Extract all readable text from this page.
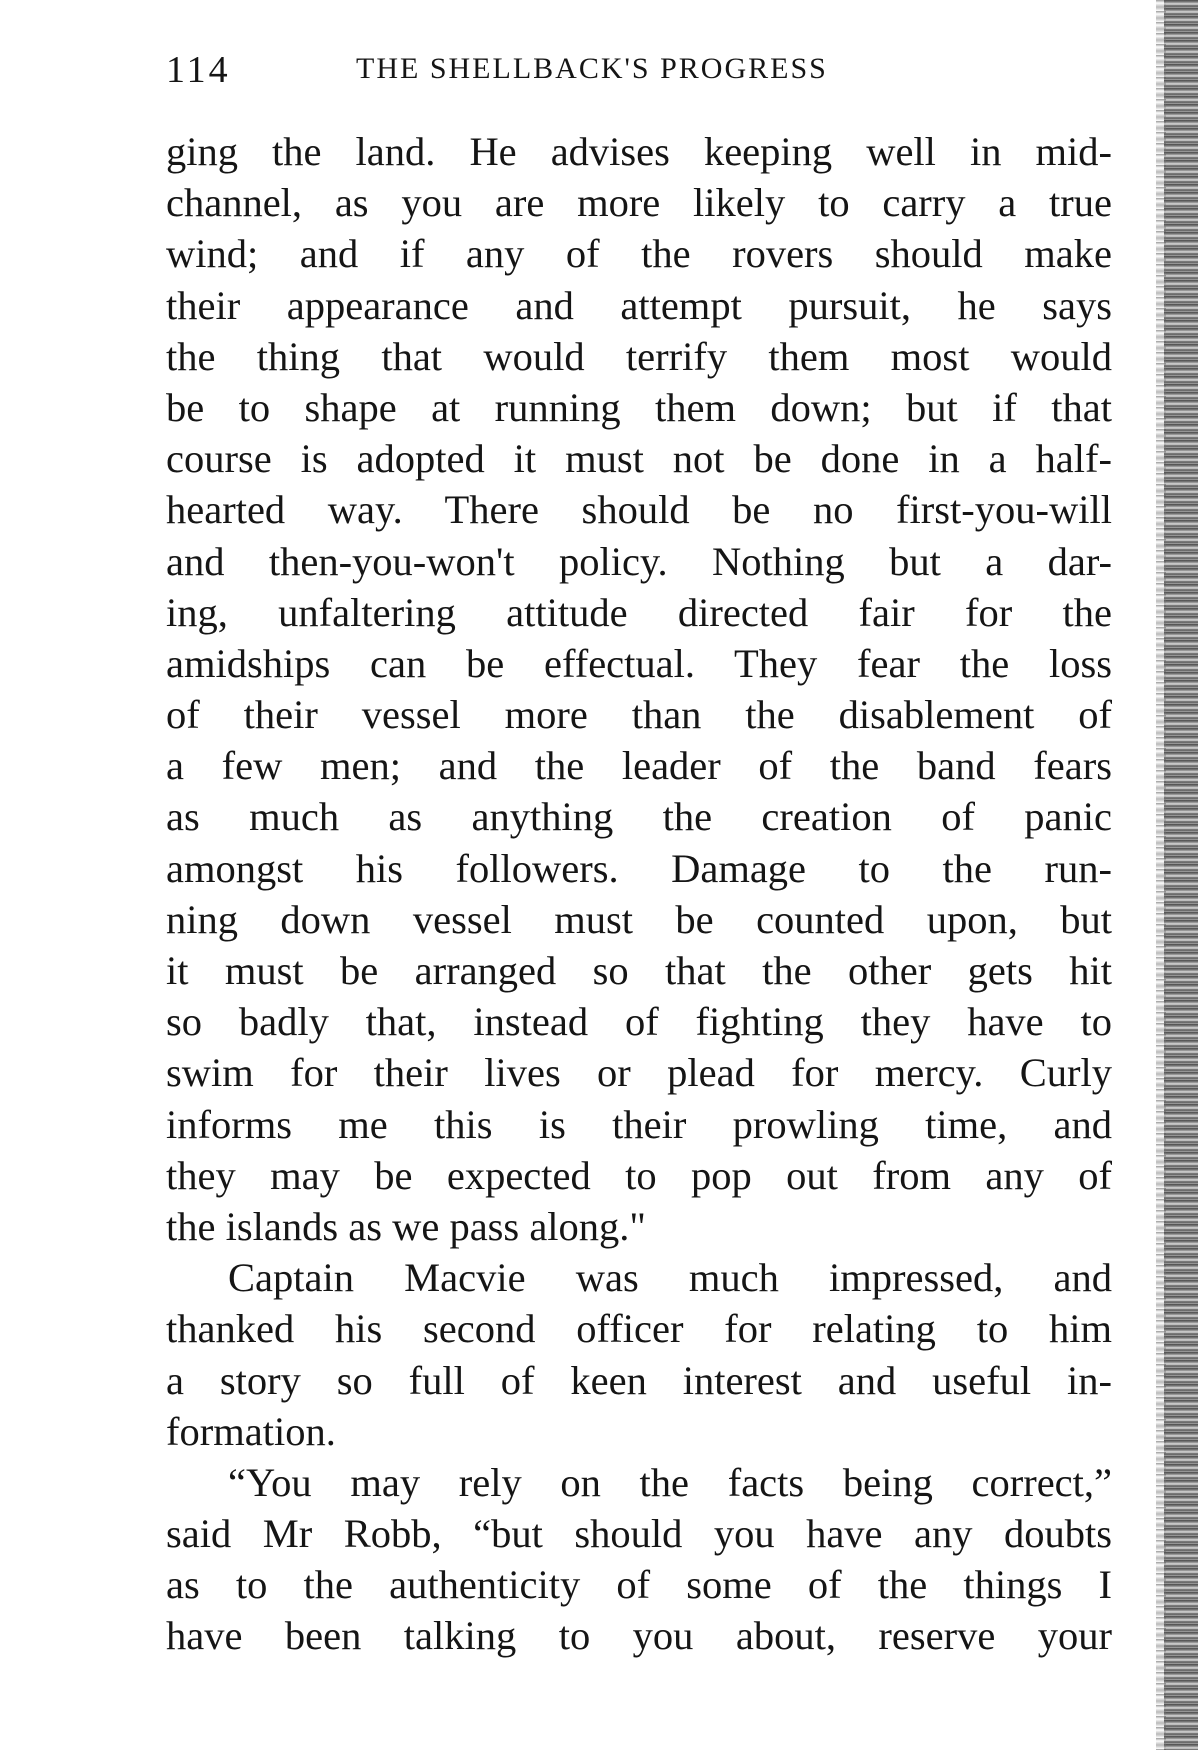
114	THE SHELLBACK'S PROGRESS
ging the land. He advises keeping well in mid-
channel, as you are more likely to carry a true
wind; and if any of the rovers should make
their appearance and attempt pursuit, he says
the thing that would terrify them most would
be to shape at running them down; but if that
course is adopted it must not be done in a half-
hearted way. There should be no first-you-will
and then-you-won't policy. Nothing but a dar-
ing, unfaltering attitude directed fair for the
amidships can be effectual. They fear the loss
of their vessel more than the disablement of
a few men; and the leader of the band fears
as much as anything the creation of panic
amongst his followers. Damage to the run-
ning down vessel must be counted upon, but
it must be arranged so that the other gets hit
so badly that, instead of fighting they have to
swim for their lives or plead for mercy. Curly
informs me this is their prowling time, and
they may be expected to pop out from any of
the islands as we pass along."
Captain Macvie was much impressed, and
thanked his second officer for relating to him
a story so full of keen interest and useful in-
formation.
“You may rely on the facts being correct,”
said Mr Robb, “but should you have any doubts
as to the authenticity of some of the things I
have been talking to you about, reserve your
